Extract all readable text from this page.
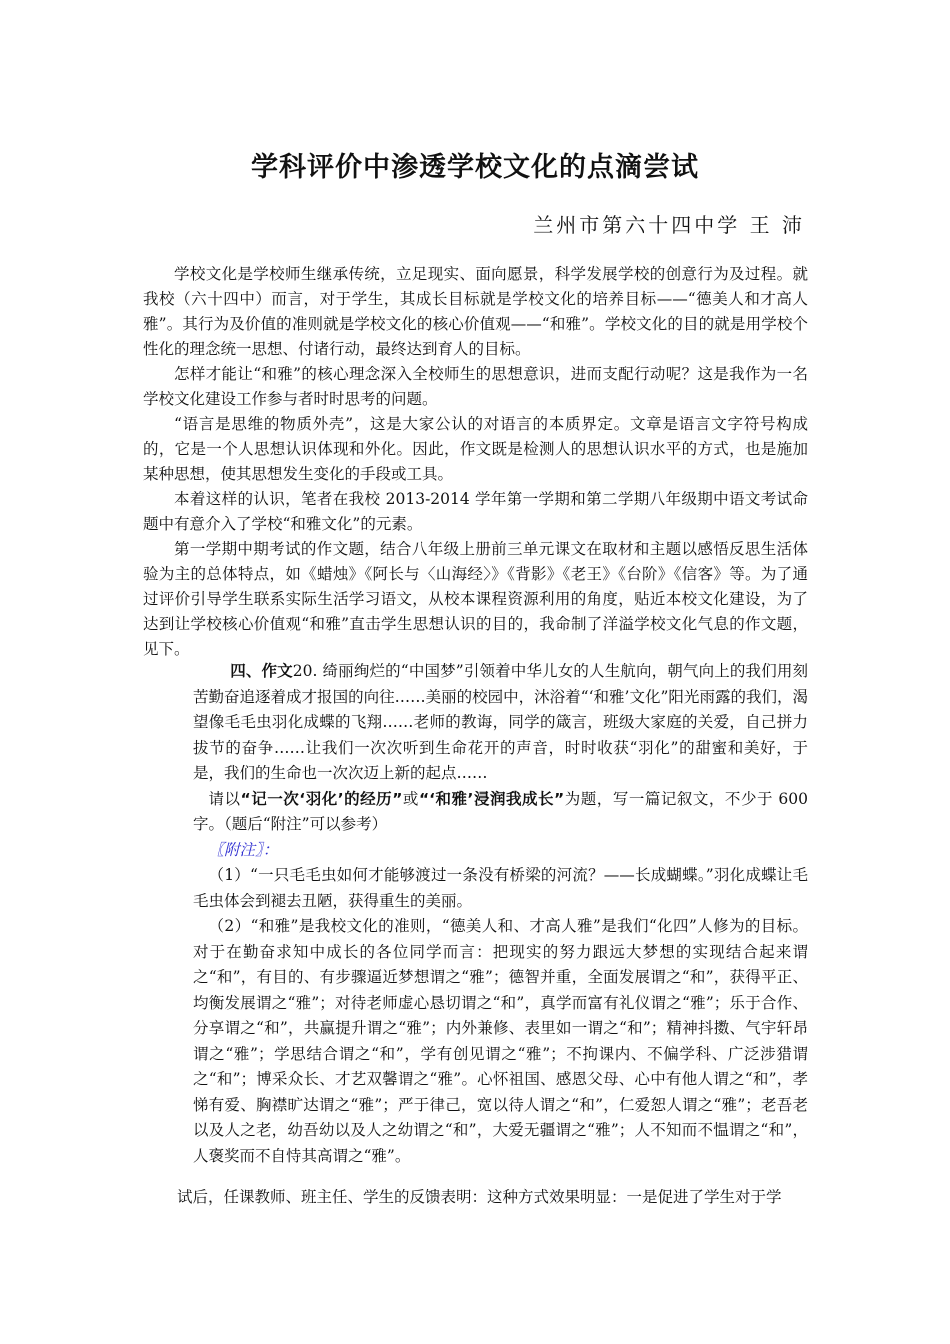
学科评价中渗透学校文化的点滴尝试
兰州市第六十四中学 王 沛

学校文化是学校师生继承传统，立足现实、面向愿景，科学发展学校的创意行为及过程。就我校（六十四中）而言，对于学生，其成长目标就是学校文化的培养目标——“德美人和才高人雅”。其行为及价值的准则就是学校文化的核心价值观——“和雅”。学校文化的目的就是用学校个性化的理念统一思想、付诸行动，最终达到育人的目标。

怎样才能让“和雅”的核心理念深入全校师生的思想意识，进而支配行动呢？这是我作为一名学校文化建设工作参与者时时思考的问题。

“语言是思维的物质外壳”，这是大家公认的对语言的本质界定。文章是语言文字符号构成的，它是一个人思想认识体现和外化。因此，作文既是检测人的思想认识水平的方式，也是施加某种思想，使其思想发生变化的手段或工具。

本着这样的认识，笔者在我校 2013-2014 学年第一学期和第二学期八年级期中语文考试命题中有意介入了学校“和雅文化”的元素。

第一学期中期考试的作文题，结合八年级上册前三单元课文在取材和主题以感悟反思生活体验为主的总体特点，如《蜡烛》《阿长与〈山海经〉》《背影》《老王》《台阶》《信客》等。为了通过评价引导学生联系实际生活学习语文，从校本课程资源利用的角度，贴近本校文化建设，为了达到让学校核心价值观“和雅”直击学生思想认识的目的，我命制了洋溢学校文化气息的作文题，见下。

四、作文20. 绮丽绚烂的“中国梦”引领着中华儿女的人生航向，朝气向上的我们用刻苦勤奋追逐着成才报国的向往……美丽的校园中，沐浴着“‘和雅’文化”阳光雨露的我们，渴望像毛毛虫羽化成蝶的飞翔……老师的教诲，同学的箴言，班级大家庭的关爱，自己拼力拔节的奋争……让我们一次次听到生命花开的声音，时时收获“羽化”的甜蜜和美好，于是，我们的生命也一次次迈上新的起点……

请以“记一次‘羽化’的经历”或“‘和雅’浸润我成长”为题，写一篇记叙文，不少于 600 字。（题后“附注”可以参考）

〖附注〗：

（1）“一只毛毛虫如何才能够渡过一条没有桥梁的河流？——长成蝴蝶。”羽化成蝶让毛毛虫体会到褪去丑陋，获得重生的美丽。

（2）“和雅”是我校文化的准则，“德美人和、才高人雅”是我们“化四”人修为的目标。对于在勤奋求知中成长的各位同学而言：把现实的努力跟远大梦想的实现结合起来谓之“和”，有目的、有步骤逼近梦想谓之“雅”；德智并重，全面发展谓之“和”，获得平正、均衡发展谓之“雅”；对待老师虚心恳切谓之“和”，真学而富有礼仪谓之“雅”；乐于合作、分享谓之“和”，共赢提升谓之“雅”；内外兼修、表里如一谓之“和”；精神抖擞、气宇轩昂谓之“雅”；学思结合谓之“和”，学有创见谓之“雅”；不拘课内、不偏学科、广泛涉猎谓之“和”；博采众长、才艺双馨谓之“雅”。心怀祖国、感恩父母、心中有他人谓之“和”，孝悌有爱、胸襟旷达谓之“雅”；严于律己，宽以待人谓之“和”，仁爱恕人谓之“雅”；老吾老以及人之老，幼吾幼以及人之幼谓之“和”，大爱无疆谓之“雅”；人不知而不愠谓之“和”，人褒奖而不自恃其高谓之“雅”。

试后，任课教师、班主任、学生的反馈表明：这种方式效果明显：一是促进了学生对于学
